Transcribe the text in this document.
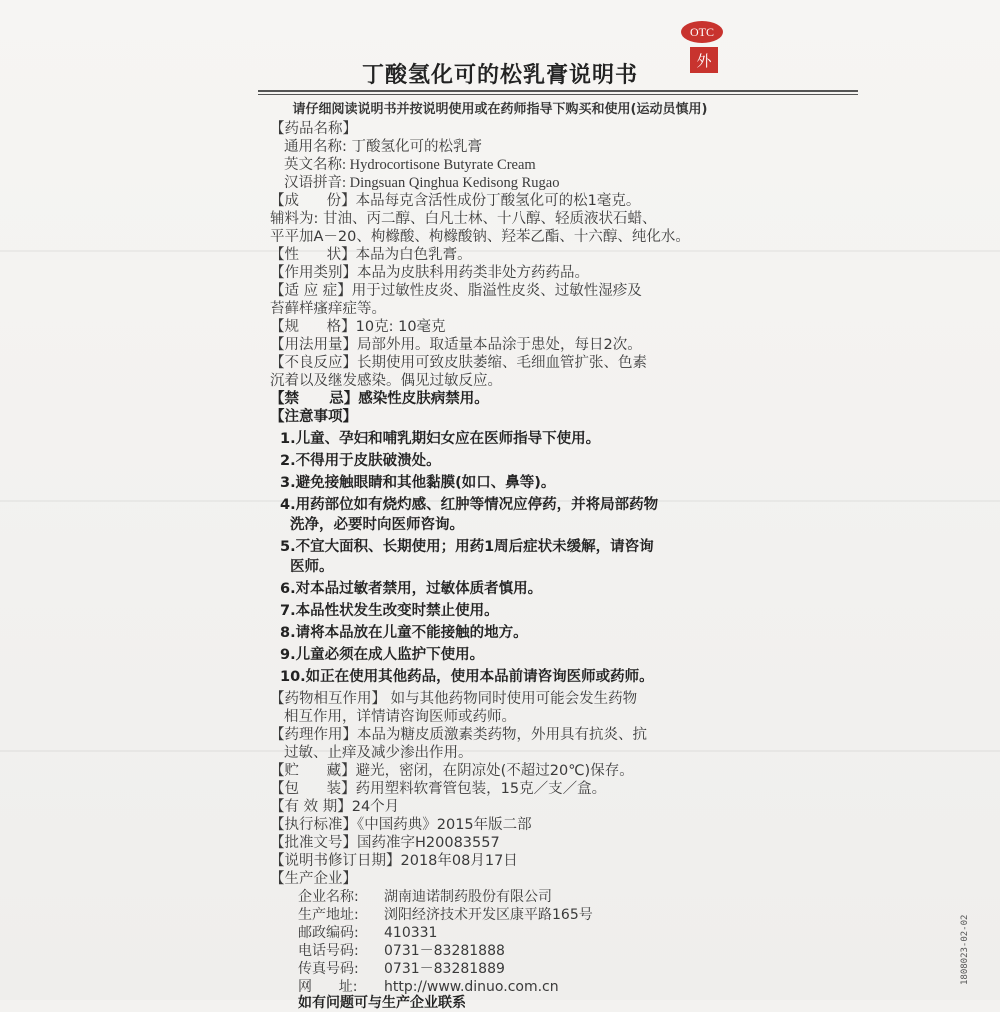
OTC
外
丁酸氢化可的松乳膏说明书
请仔细阅读说明书并按说明使用或在药师指导下购买和使用(运动员慎用)
【药品名称】
通用名称: 丁酸氢化可的松乳膏
英文名称: Hydrocortisone Butyrate Cream
汉语拼音: Dingsuan Qinghua Kedisong Rugao
【成      份】本品每克含活性成份丁酸氢化可的松1毫克。
辅料为: 甘油、丙二醇、白凡士林、十八醇、轻质液状石蜡、
平平加A－20、枸橼酸、枸橼酸钠、羟苯乙酯、十六醇、纯化水。
【性      状】本品为白色乳膏。
【作用类别】本品为皮肤科用药类非处方药药品。
【适 应 症】用于过敏性皮炎、脂溢性皮炎、过敏性湿疹及
苔藓样瘙痒症等。
【规      格】10克: 10毫克
【用法用量】局部外用。取适量本品涂于患处，每日2次。
【不良反应】长期使用可致皮肤萎缩、毛细血管扩张、色素
沉着以及继发感染。偶见过敏反应。
【禁      忌】感染性皮肤病禁用。
【注意事项】
1.儿童、孕妇和哺乳期妇女应在医师指导下使用。
2.不得用于皮肤破溃处。
3.避免接触眼睛和其他黏膜(如口、鼻等)。
4.用药部位如有烧灼感、红肿等情况应停药，并将局部药物
洗净，必要时向医师咨询。
5.不宜大面积、长期使用；用药1周后症状未缓解，请咨询
医师。
6.对本品过敏者禁用，过敏体质者慎用。
7.本品性状发生改变时禁止使用。
8.请将本品放在儿童不能接触的地方。
9.儿童必须在成人监护下使用。
10.如正在使用其他药品，使用本品前请咨询医师或药师。
【药物相互作用】 如与其他药物同时使用可能会发生药物
相互作用，详情请咨询医师或药师。
【药理作用】本品为糖皮质激素类药物，外用具有抗炎、抗
过敏、止痒及减少渗出作用。
【贮      藏】避光，密闭，在阴凉处(不超过20℃)保存。
【包      装】药用塑料软膏管包装，15克／支／盒。
【有 效 期】24个月
【执行标准】《中国药典》2015年版二部
【批准文号】国药准字H20083557
【说明书修订日期】2018年08月17日
【生产企业】
企业名称: 湖南迪诺制药股份有限公司
生产地址: 浏阳经济技术开发区康平路165号
邮政编码: 410331
电话号码: 0731－83281888
传真号码: 0731－83281889
网      址: http://www.dinuo.com.cn
如有问题可与生产企业联系
1808023-02-02
